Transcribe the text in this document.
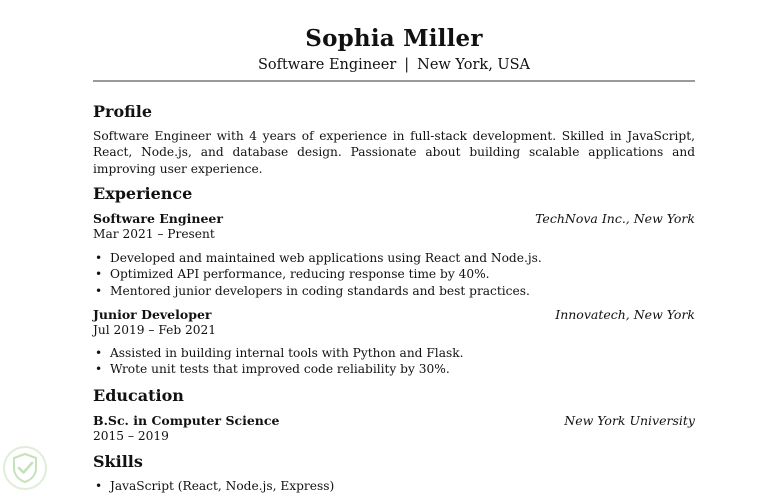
Sophia Miller
Software Engineer | New York, USA
Profile
Software Engineer with 4 years of experience in full-stack development. Skilled in JavaScript, React, Node.js, and database design. Passionate about building scalable applications and improving user experience.
Experience
Software Engineer	TechNova Inc., New York
Mar 2021 – Present
• Developed and maintained web applications using React and Node.js.
• Optimized API performance, reducing response time by 40%.
• Mentored junior developers in coding standards and best practices.
Junior Developer	Innovatech, New York
Jul 2019 – Feb 2021
• Assisted in building internal tools with Python and Flask.
• Wrote unit tests that improved code reliability by 30%.
Education
B.Sc. in Computer Science	New York University
2015 – 2019
Skills
• JavaScript (React, Node.js, Express)
